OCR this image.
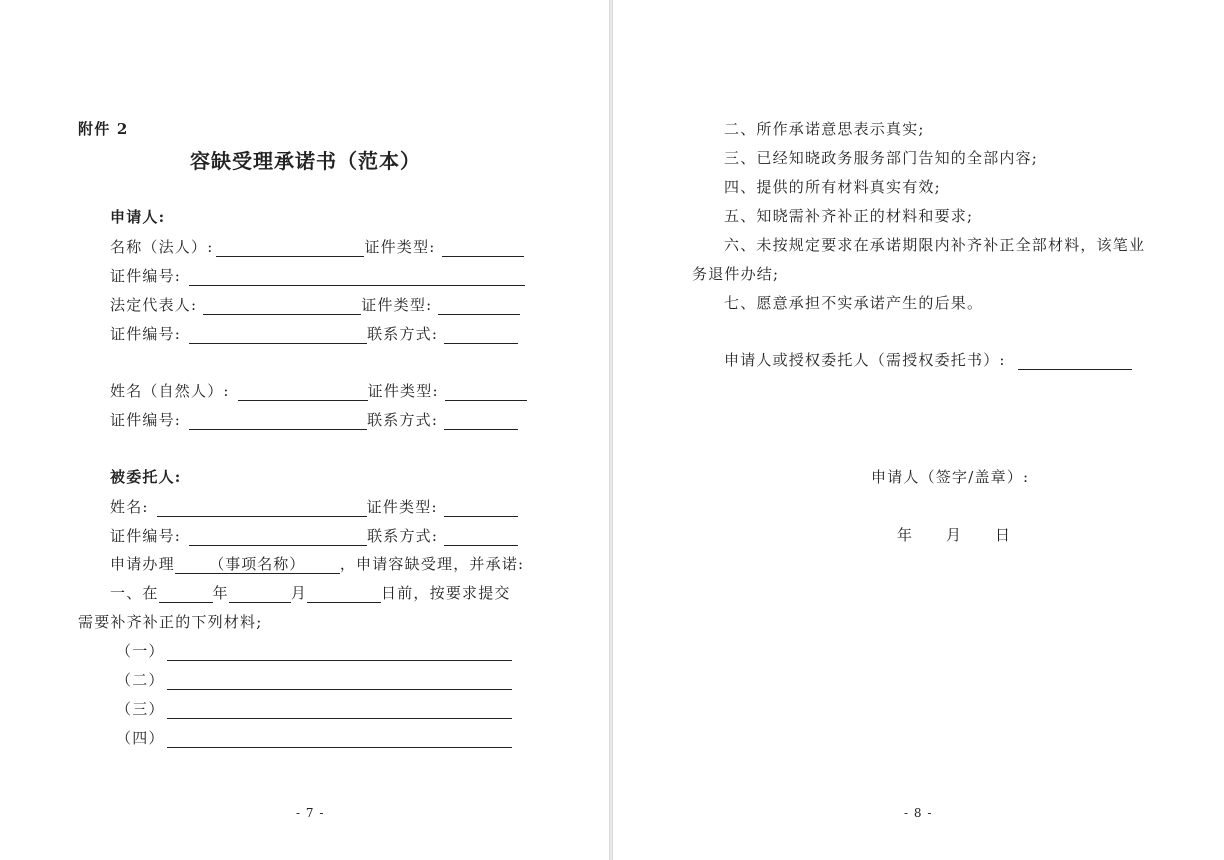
附件 2
容缺受理承诺书（范本）
申请人:
名称（法人）:	证件类型:
证件编号:
法定代表人:	证件类型:
证件编号:	联系方式:
姓名（自然人）:	证件类型:
证件编号:	联系方式:
被委托人:
姓名:	证件类型:
证件编号:	联系方式:
申请办理	（事项名称）	，申请容缺受理，并承诺:
一、在	年	月	日前，按要求提交
需要补齐补正的下列材料;
（一）
（二）
（三）
（四）
- 7 -
二、所作承诺意思表示真实;
三、已经知晓政务服务部门告知的全部内容;
四、提供的所有材料真实有效;
五、知晓需补齐补正的材料和要求;
六、未按规定要求在承诺期限内补齐补正全部材料，该笔业
务退件办结;
七、愿意承担不实承诺产生的后果。
申请人或授权委托人（需授权委托书）:
申请人（签字/盖章）:
年 月 日
- 8 -
